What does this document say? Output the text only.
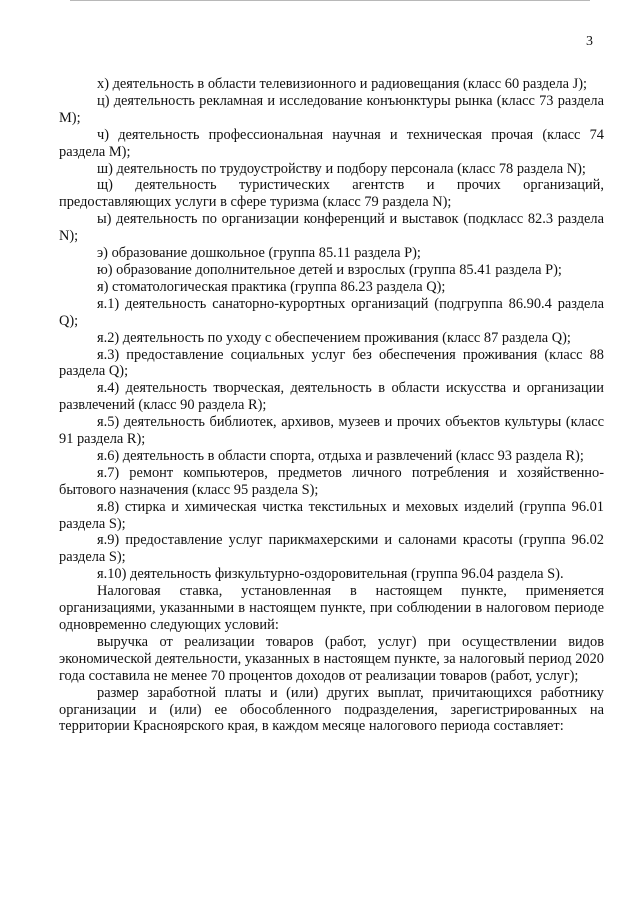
3

х) деятельность в области телевизионного и радиовещания (класс 60 раздела J);

ц) деятельность рекламная и исследование конъюнктуры рынка (класс 73 раздела М);

ч) деятельность профессиональная научная и техническая прочая (класс 74 раздела М);

ш) деятельность по трудоустройству и подбору персонала (класс 78 раздела N);

щ) деятельность туристических агентств и прочих организаций, предоставляющих услуги в сфере туризма (класс 79 раздела N);

ы) деятельность по организации конференций и выставок (подкласс 82.3 раздела N);

э) образование дошкольное (группа 85.11 раздела Р);

ю) образование дополнительное детей и взрослых (группа 85.41 раздела Р);

я) стоматологическая практика (группа 86.23 раздела Q);

я.1) деятельность санаторно-курортных организаций (подгруппа 86.90.4 раздела Q);

я.2) деятельность по уходу с обеспечением проживания (класс 87 раздела Q);

я.3) предоставление социальных услуг без обеспечения проживания (класс 88 раздела Q);

я.4) деятельность творческая, деятельность в области искусства и организации развлечений (класс 90 раздела R);

я.5) деятельность библиотек, архивов, музеев и прочих объектов культуры (класс 91 раздела R);

я.6) деятельность в области спорта, отдыха и развлечений (класс 93 раздела R);

я.7) ремонт компьютеров, предметов личного потребления и хозяйственно-бытового назначения (класс 95 раздела S);

я.8) стирка и химическая чистка текстильных и меховых изделий (группа 96.01 раздела S);

я.9) предоставление услуг парикмахерскими и салонами красоты (группа 96.02 раздела S);

я.10) деятельность физкультурно-оздоровительная (группа 96.04 раздела S).

Налоговая ставка, установленная в настоящем пункте, применяется организациями, указанными в настоящем пункте, при соблюдении в налоговом периоде одновременно следующих условий:

выручка от реализации товаров (работ, услуг) при осуществлении видов экономической деятельности, указанных в настоящем пункте, за налоговый период 2020 года составила не менее 70 процентов доходов от реализации товаров (работ, услуг);

размер заработной платы и (или) других выплат, причитающихся работнику организации и (или) ее обособленного подразделения, зарегистрированных на территории Красноярского края, в каждом месяце налогового периода составляет:
